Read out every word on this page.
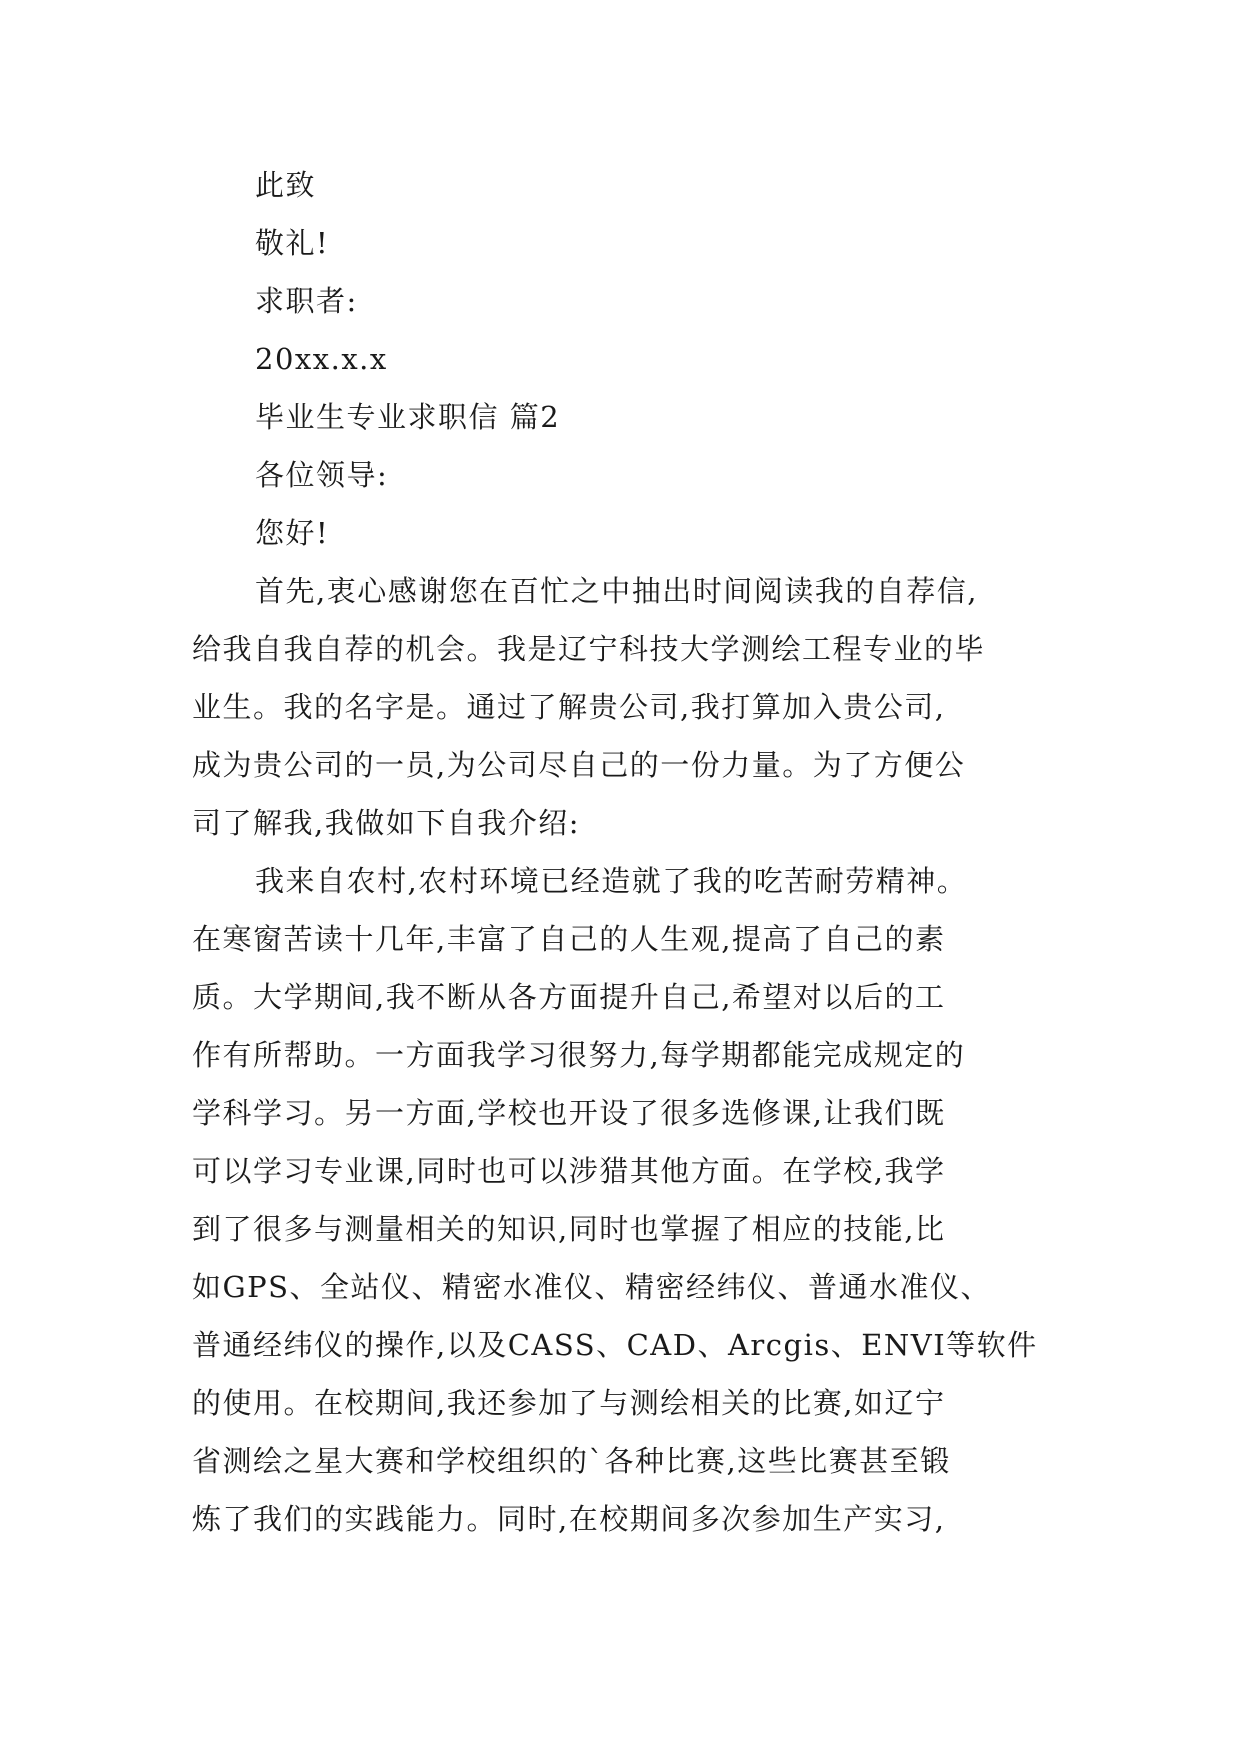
此致
敬礼!
求职者:
20xx.x.x
毕业生专业求职信 篇2
各位领导:
您好!
首先,衷心感谢您在百忙之中抽出时间阅读我的自荐信,
给我自我自荐的机会。我是辽宁科技大学测绘工程专业的毕
业生。我的名字是。通过了解贵公司,我打算加入贵公司,
成为贵公司的一员,为公司尽自己的一份力量。为了方便公
司了解我,我做如下自我介绍:
我来自农村,农村环境已经造就了我的吃苦耐劳精神。
在寒窗苦读十几年,丰富了自己的人生观,提高了自己的素
质。大学期间,我不断从各方面提升自己,希望对以后的工
作有所帮助。一方面我学习很努力,每学期都能完成规定的
学科学习。另一方面,学校也开设了很多选修课,让我们既
可以学习专业课,同时也可以涉猎其他方面。在学校,我学
到了很多与测量相关的知识,同时也掌握了相应的技能,比
如GPS、全站仪、精密水准仪、精密经纬仪、普通水准仪、
普通经纬仪的操作,以及CASS、CAD、Arcgis、ENVI等软件
的使用。在校期间,我还参加了与测绘相关的比赛,如辽宁
省测绘之星大赛和学校组织的`各种比赛,这些比赛甚至锻
炼了我们的实践能力。同时,在校期间多次参加生产实习,
